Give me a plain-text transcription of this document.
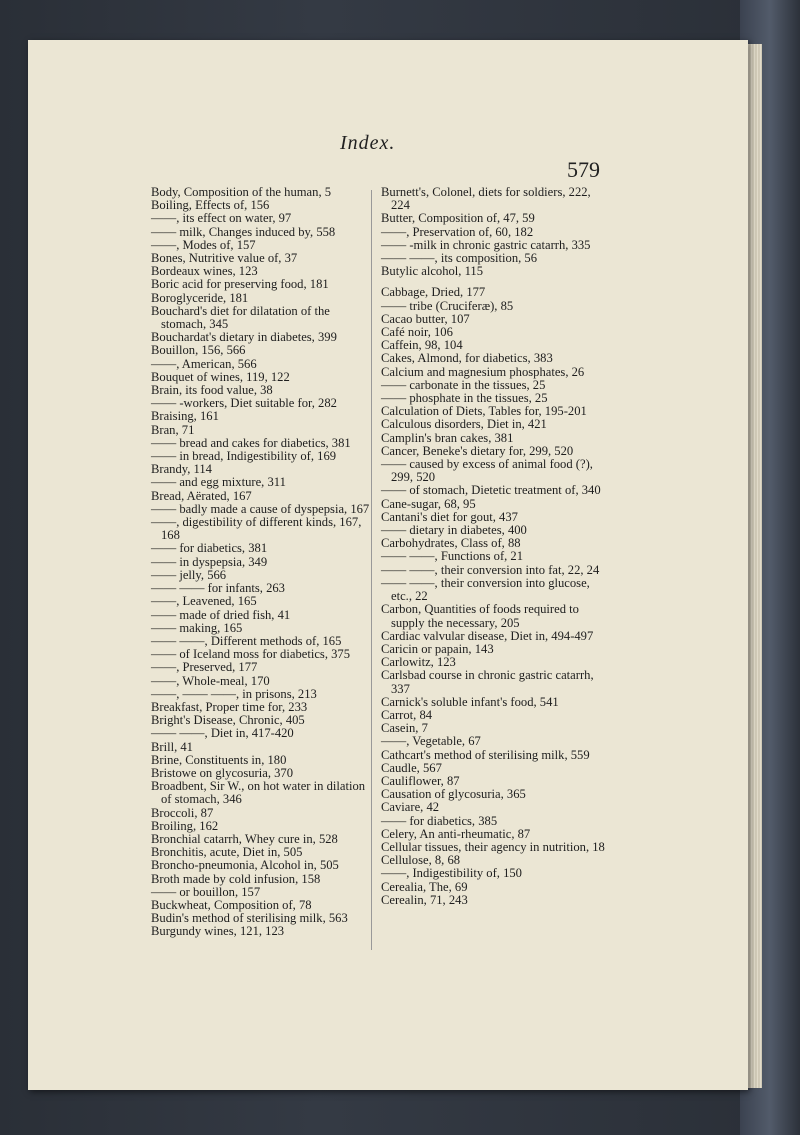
Index.
579
Body, Composition of the human, 5
Boiling, Effects of, 156
——, its effect on water, 97
—— milk, Changes induced by, 558
——, Modes of, 157
Bones, Nutritive value of, 37
Bordeaux wines, 123
Boric acid for preserving food, 181
Boroglyceride, 181
Bouchard's diet for dilatation of the stomach, 345
Bouchardat's dietary in diabetes, 399
Bouillon, 156, 566
——, American, 566
Bouquet of wines, 119, 122
Brain, its food value, 38
—— -workers, Diet suitable for, 282
Braising, 161
Bran, 71
—— bread and cakes for diabetics, 381
—— in bread, Indigestibility of, 169
Brandy, 114
—— and egg mixture, 311
Bread, Aërated, 167
—— badly made a cause of dyspepsia, 167
——, digestibility of different kinds, 167, 168
—— for diabetics, 381
—— in dyspepsia, 349
—— jelly, 566
—— —— for infants, 263
——, Leavened, 165
—— made of dried fish, 41
—— making, 165
—— ——, Different methods of, 165
—— of Iceland moss for diabetics, 375
——, Preserved, 177
——, Whole-meal, 170
——, —— ——, in prisons, 213
Breakfast, Proper time for, 233
Bright's Disease, Chronic, 405
—— ——, Diet in, 417-420
Brill, 41
Brine, Constituents in, 180
Bristowe on glycosuria, 370
Broadbent, Sir W., on hot water in dilation of stomach, 346
Broccoli, 87
Broiling, 162
Bronchial catarrh, Whey cure in, 528
Bronchitis, acute, Diet in, 505
Broncho-pneumonia, Alcohol in, 505
Broth made by cold infusion, 158
—— or bouillon, 157
Buckwheat, Composition of, 78
Budin's method of sterilising milk, 563
Burgundy wines, 121, 123
Burnett's, Colonel, diets for soldiers, 222, 224
Butter, Composition of, 47, 59
——, Preservation of, 60, 182
—— -milk in chronic gastric catarrh, 335
—— ——, its composition, 56
Butylic alcohol, 115
Cabbage, Dried, 177
—— tribe (Cruciferæ), 85
Cacao butter, 107
Café noir, 106
Caffein, 98, 104
Cakes, Almond, for diabetics, 383
Calcium and magnesium phosphates, 26
—— carbonate in the tissues, 25
—— phosphate in the tissues, 25
Calculation of Diets, Tables for, 195-201
Calculous disorders, Diet in, 421
Camplin's bran cakes, 381
Cancer, Beneke's dietary for, 299, 520
—— caused by excess of animal food (?), 299, 520
—— of stomach, Dietetic treatment of, 340
Cane-sugar, 68, 95
Cantani's diet for gout, 437
—— dietary in diabetes, 400
Carbohydrates, Class of, 88
—— ——, Functions of, 21
—— ——, their conversion into fat, 22, 24
—— ——, their conversion into glucose, etc., 22
Carbon, Quantities of foods required to supply the necessary, 205
Cardiac valvular disease, Diet in, 494-497
Caricin or papain, 143
Carlowitz, 123
Carlsbad course in chronic gastric catarrh, 337
Carnick's soluble infant's food, 541
Carrot, 84
Casein, 7
——, Vegetable, 67
Cathcart's method of sterilising milk, 559
Caudle, 567
Cauliflower, 87
Causation of glycosuria, 365
Caviare, 42
—— for diabetics, 385
Celery, An anti-rheumatic, 87
Cellular tissues, their agency in nutrition, 18
Cellulose, 8, 68
——, Indigestibility of, 150
Cerealia, The, 69
Cerealin, 71, 243
